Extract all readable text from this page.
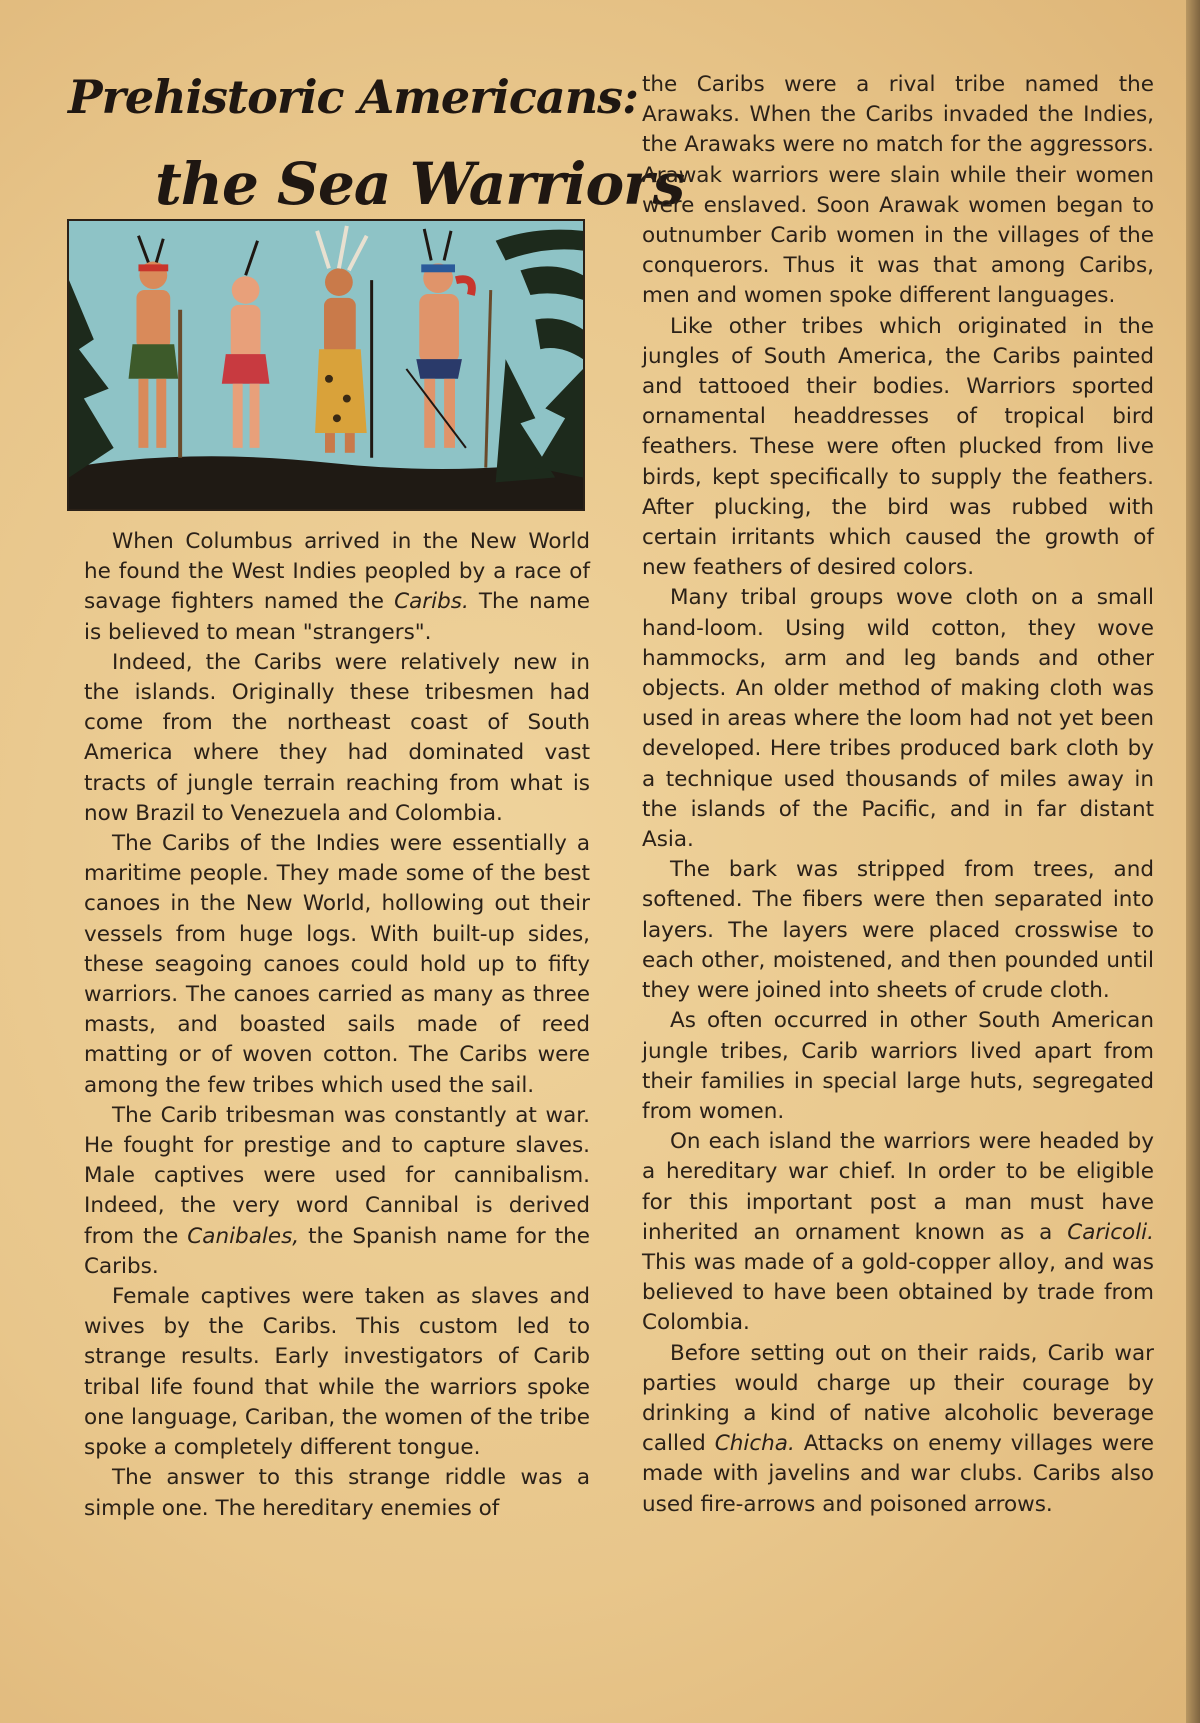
Prehistoric Americans:
the Sea Warriors

When Columbus arrived in the New World he found the West Indies peopled by a race of savage fighters named the Caribs. The name is believed to mean "strangers".

Indeed, the Caribs were relatively new in the islands. Originally these tribesmen had come from the northeast coast of South America where they had dominated vast tracts of jungle terrain reaching from what is now Brazil to Venezuela and Colombia.

The Caribs of the Indies were essentially a maritime people. They made some of the best canoes in the New World, hollowing out their vessels from huge logs. With built-up sides, these seagoing canoes could hold up to fifty warriors. The canoes carried as many as three masts, and boasted sails made of reed matting or of woven cotton. The Caribs were among the few tribes which used the sail.

The Carib tribesman was constantly at war. He fought for prestige and to capture slaves. Male captives were used for cannibalism. Indeed, the very word Cannibal is derived from the Canibales, the Spanish name for the Caribs.

Female captives were taken as slaves and wives by the Caribs. This custom led to strange results. Early investigators of Carib tribal life found that while the warriors spoke one language, Cariban, the women of the tribe spoke a completely different tongue.

The answer to this strange riddle was a simple one. The hereditary enemies of

the Caribs were a rival tribe named the Arawaks. When the Caribs invaded the Indies, the Arawaks were no match for the aggressors. Arawak warriors were slain while their women were enslaved. Soon Arawak women began to outnumber Carib women in the villages of the conquerors. Thus it was that among Caribs, men and women spoke different languages.

Like other tribes which originated in the jungles of South America, the Caribs painted and tattooed their bodies. Warriors sported ornamental headdresses of tropical bird feathers. These were often plucked from live birds, kept specifically to supply the feathers. After plucking, the bird was rubbed with certain irritants which caused the growth of new feathers of desired colors.

Many tribal groups wove cloth on a small hand-loom. Using wild cotton, they wove hammocks, arm and leg bands and other objects. An older method of making cloth was used in areas where the loom had not yet been developed. Here tribes produced bark cloth by a technique used thousands of miles away in the islands of the Pacific, and in far distant Asia.

The bark was stripped from trees, and softened. The fibers were then separated into layers. The layers were placed crosswise to each other, moistened, and then pounded until they were joined into sheets of crude cloth.

As often occurred in other South American jungle tribes, Carib warriors lived apart from their families in special large huts, segregated from women.

On each island the warriors were headed by a hereditary war chief. In order to be eligible for this important post a man must have inherited an ornament known as a Caricoli. This was made of a gold-copper alloy, and was believed to have been obtained by trade from Colombia.

Before setting out on their raids, Carib war parties would charge up their courage by drinking a kind of native alcoholic beverage called Chicha. Attacks on enemy villages were made with javelins and war clubs. Caribs also used fire-arrows and poisoned arrows.
